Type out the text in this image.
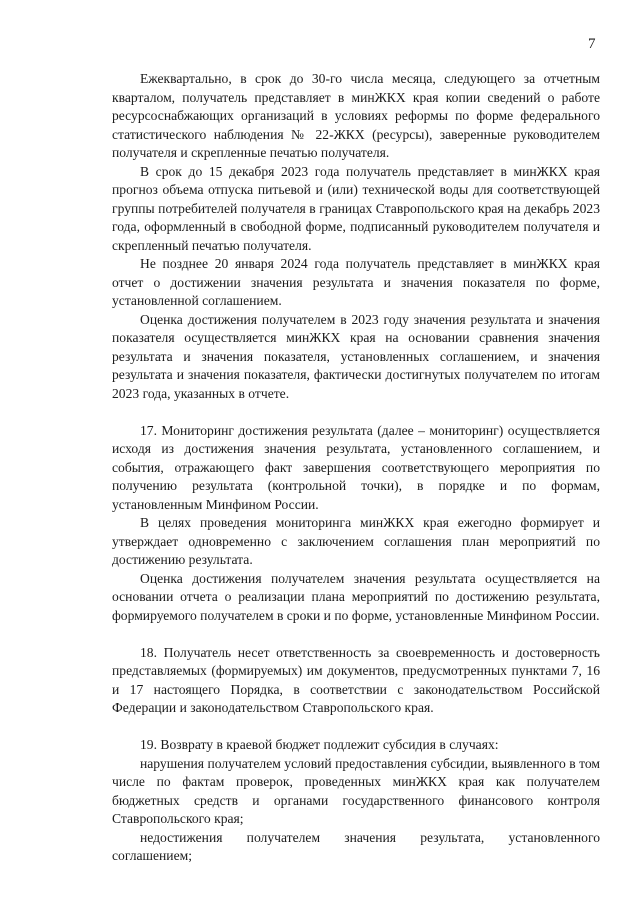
7

Ежеквартально, в срок до 30-го числа месяца, следующего за отчетным кварталом, получатель представляет в минЖКХ края копии сведений о работе ресурсоснабжающих организаций в условиях реформы по форме федерального статистического наблюдения № 22-ЖКХ (ресурсы), заверенные руководителем получателя и скрепленные печатью получателя.

В срок до 15 декабря 2023 года получатель представляет в минЖКХ края прогноз объема отпуска питьевой и (или) технической воды для соответствующей группы потребителей получателя в границах Ставропольского края на декабрь 2023 года, оформленный в свободной форме, подписанный руководителем получателя и скрепленный печатью получателя.

Не позднее 20 января 2024 года получатель представляет в минЖКХ края отчет о достижении значения результата и значения показателя по форме, установленной соглашением.

Оценка достижения получателем в 2023 году значения результата и значения показателя осуществляется минЖКХ края на основании сравнения значения результата и значения показателя, установленных соглашением, и значения результата и значения показателя, фактически достигнутых получателем по итогам 2023 года, указанных в отчете.

17. Мониторинг достижения результата (далее – мониторинг) осуществляется исходя из достижения значения результата, установленного соглашением, и события, отражающего факт завершения соответствующего мероприятия по получению результата (контрольной точки), в порядке и по формам, установленным Минфином России.

В целях проведения мониторинга минЖКХ края ежегодно формирует и утверждает одновременно с заключением соглашения план мероприятий по достижению результата.

Оценка достижения получателем значения результата осуществляется на основании отчета о реализации плана мероприятий по достижению результата, формируемого получателем в сроки и по форме, установленные Минфином России.

18. Получатель несет ответственность за своевременность и достоверность представляемых (формируемых) им документов, предусмотренных пунктами 7, 16 и 17 настоящего Порядка, в соответствии с законодательством Российской Федерации и законодательством Ставропольского края.

19. Возврату в краевой бюджет подлежит субсидия в случаях:

нарушения получателем условий предоставления субсидии, выявленного в том числе по фактам проверок, проведенных минЖКХ края как получателем бюджетных средств и органами государственного финансового контроля Ставропольского края;

недостижения получателем значения результата, установленного соглашением;
